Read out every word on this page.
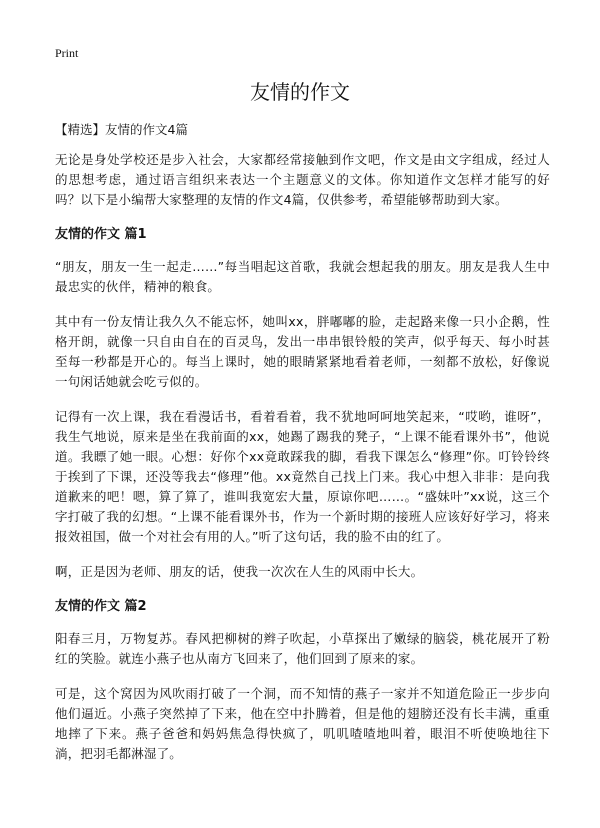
Print
友情的作文
【精选】友情的作文4篇

无论是身处学校还是步入社会，大家都经常接触到作文吧，作文是由文字组成，经过人的思想考虑，通过语言组织来表达一个主题意义的文体。你知道作文怎样才能写的好吗？以下是小编帮大家整理的友情的作文4篇，仅供参考，希望能够帮助到大家。

友情的作文 篇1

“朋友，朋友一生一起走……”每当唱起这首歌，我就会想起我的朋友。朋友是我人生中最忠实的伙伴，精神的粮食。

其中有一份友情让我久久不能忘怀，她叫xx，胖嘟嘟的脸，走起路来像一只小企鹅，性格开朗，就像一只自由自在的百灵鸟，发出一串串银铃般的笑声，似乎每天、每小时甚至每一秒都是开心的。每当上课时，她的眼睛紧紧地看着老师，一刻都不放松，好像说一句闲话她就会吃亏似的。

记得有一次上课，我在看漫话书，看着看着，我不犹地呵呵地笑起来，“哎哟，谁呀”，我生气地说，原来是坐在我前面的xx，她踢了踢我的凳子，“上课不能看课外书”，他说道。我瞟了她一眼。心想：好你个xx竟敢踩我的脚，看我下课怎么“修理”你。叮铃铃终于挨到了下课，还没等我去“修理”他。xx竟然自己找上门来。我心中想入非非：是向我道歉来的吧！嗯，算了算了，谁叫我宽宏大量，原谅你吧……。“盛妹叶”xx说，这三个字打破了我的幻想。“上课不能看课外书，作为一个新时期的接班人应该好好学习，将来报效祖国，做一个对社会有用的人。”听了这句话，我的脸不由的红了。

啊，正是因为老师、朋友的话，使我一次次在人生的风雨中长大。

友情的作文 篇2

阳春三月，万物复苏。春风把柳树的辫子吹起，小草探出了嫩绿的脑袋，桃花展开了粉红的笑脸。就连小燕子也从南方飞回来了，他们回到了原来的家。

可是，这个窝因为风吹雨打破了一个洞，而不知情的燕子一家并不知道危险正一步步向他们逼近。小燕子突然掉了下来，他在空中扑腾着，但是他的翅膀还没有长丰满，重重地摔了下来。燕子爸爸和妈妈焦急得快疯了，叽叽喳喳地叫着，眼泪不听使唤地往下淌，把羽毛都淋湿了。
